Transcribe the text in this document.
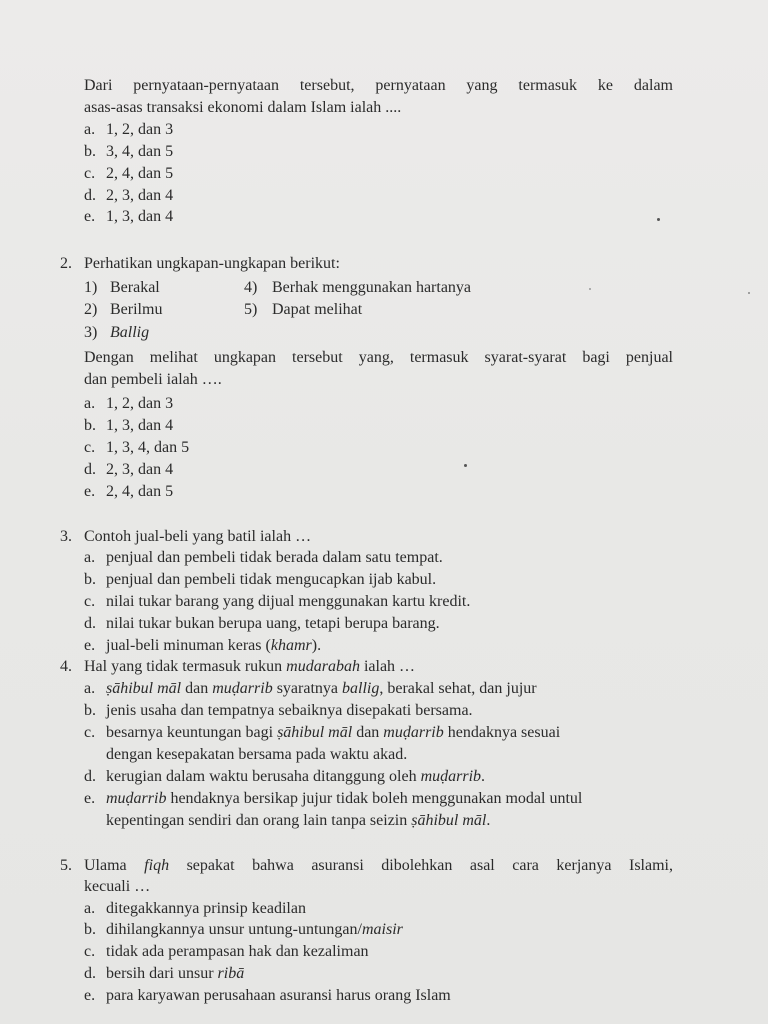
Dari pernyataan-pernyataan tersebut, pernyataan yang termasuk ke dalam
asas-asas transaksi ekonomi dalam Islam ialah ....
a. 1, 2, dan 3
b. 3, 4, dan 5
c. 2, 4, dan 5
d. 2, 3, dan 4
e. 1, 3, dan 4
2. Perhatikan ungkapan-ungkapan berikut:
1) Berakal
2) Berilmu
3) Ballig
4) Berhak menggunakan hartanya
5) Dapat melihat
Dengan melihat ungkapan tersebut yang, termasuk syarat-syarat bagi penjual
dan pembeli ialah ….
a. 1, 2, dan 3
b. 1, 3, dan 4
c. 1, 3, 4, dan 5
d. 2, 3, dan 4
e. 2, 4, dan 5
3. Contoh jual-beli yang batil ialah …
a. penjual dan pembeli tidak berada dalam satu tempat.
b. penjual dan pembeli tidak mengucapkan ijab kabul.
c. nilai tukar barang yang dijual menggunakan kartu kredit.
d. nilai tukar bukan berupa uang, tetapi berupa barang.
e. jual-beli minuman keras (khamr).
4. Hal yang tidak termasuk rukun mudarabah ialah …
a. ṣāhibul māl dan muḍarrib syaratnya ballig, berakal sehat, dan jujur
b. jenis usaha dan tempatnya sebaiknya disepakati bersama.
c. besarnya keuntungan bagi ṣāhibul māl dan muḍarrib hendaknya sesuai
dengan kesepakatan bersama pada waktu akad.
d. kerugian dalam waktu berusaha ditanggung oleh muḍarrib.
e. muḍarrib hendaknya bersikap jujur tidak boleh menggunakan modal untul
kepentingan sendiri dan orang lain tanpa seizin ṣāhibul māl.
5. Ulama fiqh sepakat bahwa asuransi dibolehkan asal cara kerjanya Islami,
kecuali …
a. ditegakkannya prinsip keadilan
b. dihilangkannya unsur untung-untungan/maisir
c. tidak ada perampasan hak dan kezaliman
d. bersih dari unsur ribā
e. para karyawan perusahaan asuransi harus orang Islam
